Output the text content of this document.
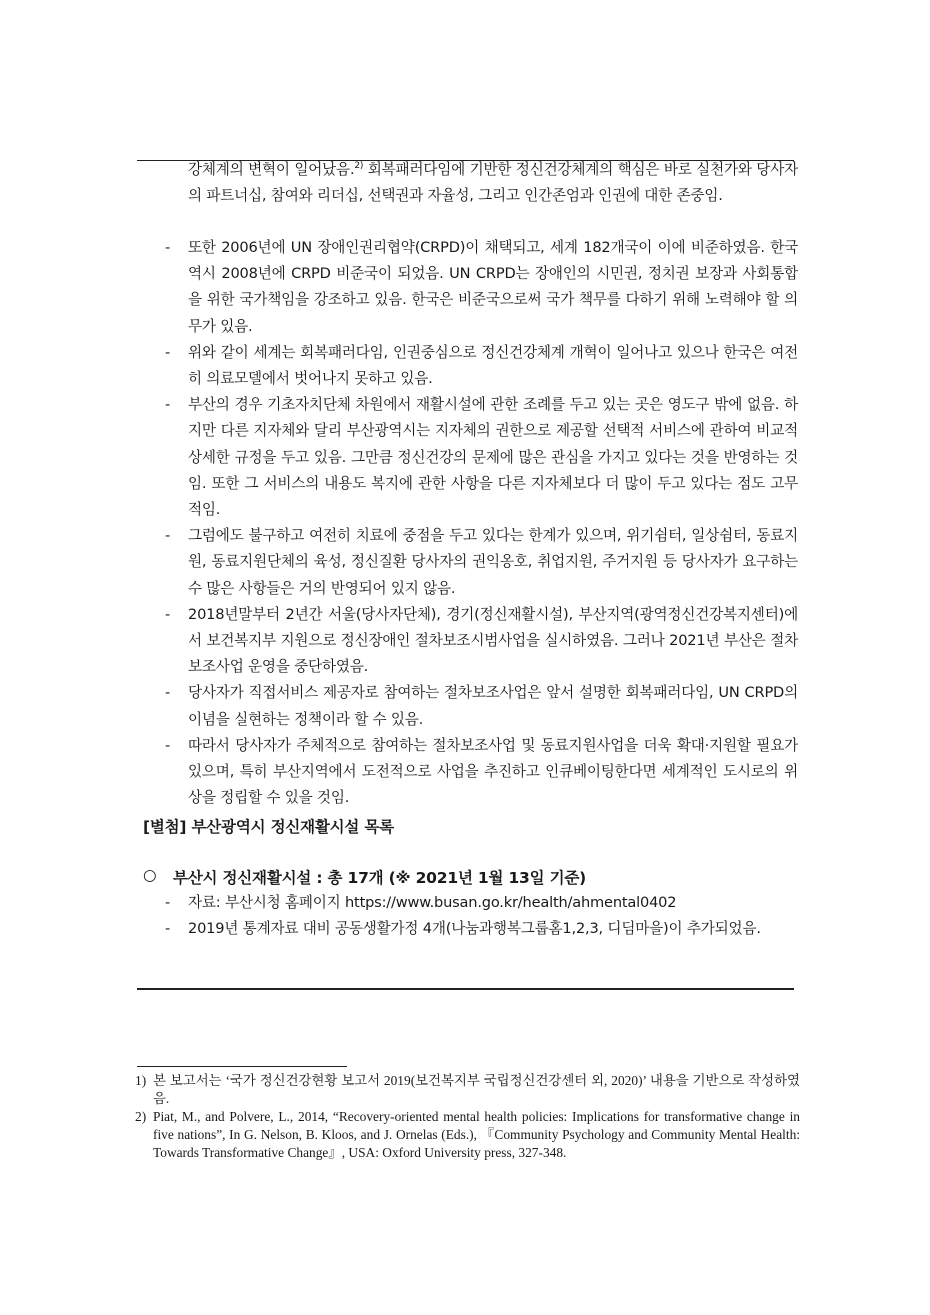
강체계의 변혁이 일어났음.$^{2)}$ 회복패러다임에 기반한 정신건강체계의 핵심은 바로 실천가와 당사자의 파트너십, 참여와 리더십, 선택권과 자율성, 그리고 인간존엄과 인권에 대한 존중임.
-	또한 2006년에 UN 장애인권리협약(CRPD)이 채택되고, 세계 182개국이 이에 비준하였음. 한국 역시 2008년에 CRPD 비준국이 되었음. UN CRPD는 장애인의 시민권, 정치권 보장과 사회통합을 위한 국가책임을 강조하고 있음. 한국은 비준국으로써 국가 책무를 다하기 위해 노력해야 할 의무가 있음.
-	위와 같이 세계는 회복패러다임, 인권중심으로 정신건강체계 개혁이 일어나고 있으나 한국은 여전히 의료모델에서 벗어나지 못하고 있음.
-	부산의 경우 기초자치단체 차원에서 재활시설에 관한 조례를 두고 있는 곳은 영도구 밖에 없음. 하지만 다른 지자체와 달리 부산광역시는 지자체의 권한으로 제공할 선택적 서비스에 관하여 비교적 상세한 규정을 두고 있음. 그만큼 정신건강의 문제에 많은 관심을 가지고 있다는 것을 반영하는 것임. 또한 그 서비스의 내용도 복지에 관한 사항을 다른 지자체보다 더 많이 두고 있다는 점도 고무적임.
-	그럼에도 불구하고 여전히 치료에 중점을 두고 있다는 한계가 있으며, 위기쉼터, 일상쉼터, 동료지원, 동료지원단체의 육성, 정신질환 당사자의 권익옹호, 취업지원, 주거지원 등 당사자가 요구하는 수 많은 사항들은 거의 반영되어 있지 않음.
-	2018년말부터 2년간 서울(당사자단체), 경기(정신재활시설), 부산지역(광역정신건강복지센터)에서 보건복지부 지원으로 정신장애인 절차보조시범사업을 실시하였음. 그러나 2021년 부산은 절차보조사업 운영을 중단하였음.
-	당사자가 직접서비스 제공자로 참여하는 절차보조사업은 앞서 설명한 회복패러다임, UN CRPD의 이념을 실현하는 정책이라 할 수 있음.
-	따라서 당사자가 주체적으로 참여하는 절차보조사업 및 동료지원사업을 더욱 확대·지원할 필요가 있으며, 특히 부산지역에서 도전적으로 사업을 추진하고 인큐베이팅한다면 세계적인 도시로의 위상을 정립할 수 있을 것임.
[별첨] 부산광역시 정신재활시설 목록
○	부산시 정신재활시설 : 총 17개 (※ 2021년 1월 13일 기준)
-	자료: 부산시청 홈페이지 https://www.busan.go.kr/health/ahmental0402
-	2019년 통계자료 대비 공동생활가정 4개(나눔과행복그룹홈1,2,3, 디딤마을)이 추가되었음.
1) 본 보고서는 ‘국가 정신건강현황 보고서 2019(보건복지부 국립정신건강센터 외, 2020)’ 내용을 기반으로 작성하였음.
2) Piat, M., and Polvere, L., 2014, “Recovery-oriented mental health policies: Implications for transformative change in five nations”, In G. Nelson, B. Kloos, and J. Ornelas (Eds.), 『Community Psychology and Community Mental Health: Towards Transformative Change』, USA: Oxford University press, 327-348.
